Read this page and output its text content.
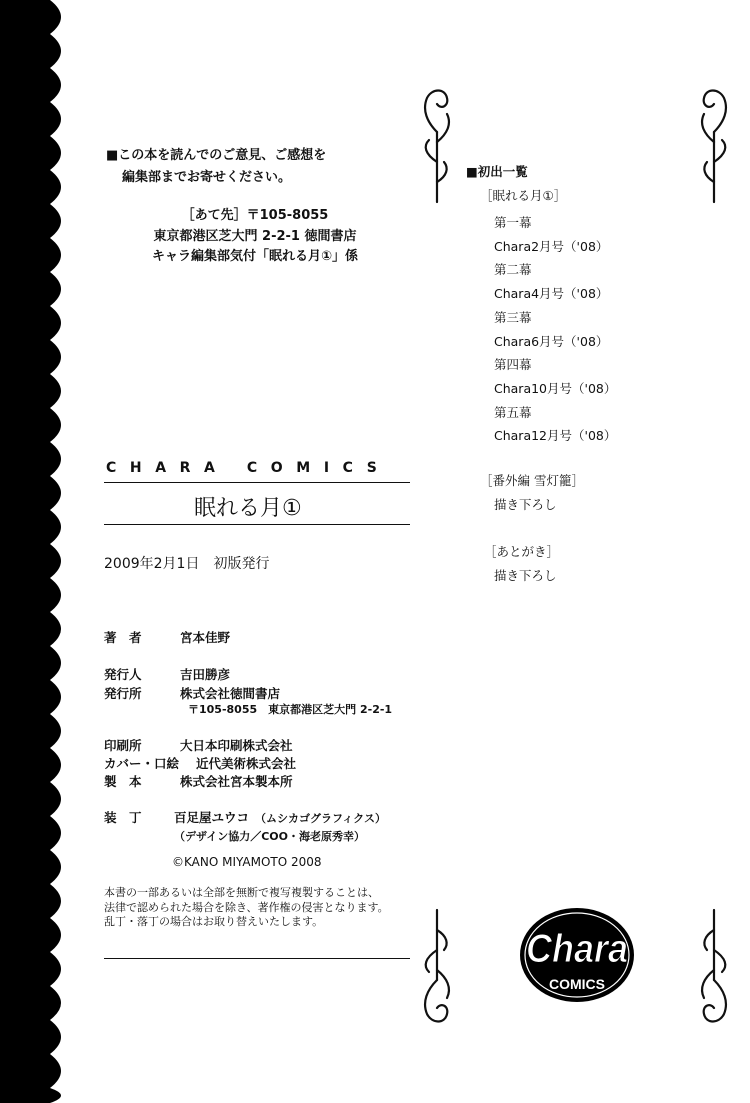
■この本を読んでのご意見、ご感想を
編集部までお寄せください。
［あて先］〒105-8055
東京都港区芝大門 2-2-1 徳間書店
キャラ編集部気付「眠れる月①」係
CHARA COMICS
眠れる月①
2009年2月1日　初版発行
著　者	宮本佳野
発行人	吉田勝彦
発行所	株式会社徳間書店
〒105-8055　東京都港区芝大門 2-2-1
印刷所	大日本印刷株式会社
カバー・口絵 近代美術株式会社
製　本	株式会社宮本製本所
装　丁	百足屋ユウコ （ムシカゴグラフィクス）
（デザイン協力／COO・海老原秀幸）
©KANO MIYAMOTO 2008
本書の一部あるいは全部を無断で複写複製することは、
法律で認められた場合を除き、著作権の侵害となります。
乱丁・落丁の場合はお取り替えいたします。
■初出一覧
［眠れる月①］
第一幕
Chara2月号（'08）
第二幕
Chara4月号（'08）
第三幕
Chara6月号（'08）
第四幕
Chara10月号（'08）
第五幕
Chara12月号（'08）
［番外編 雪灯籠］
描き下ろし
［あとがき］
描き下ろし
Chara
COMICS
